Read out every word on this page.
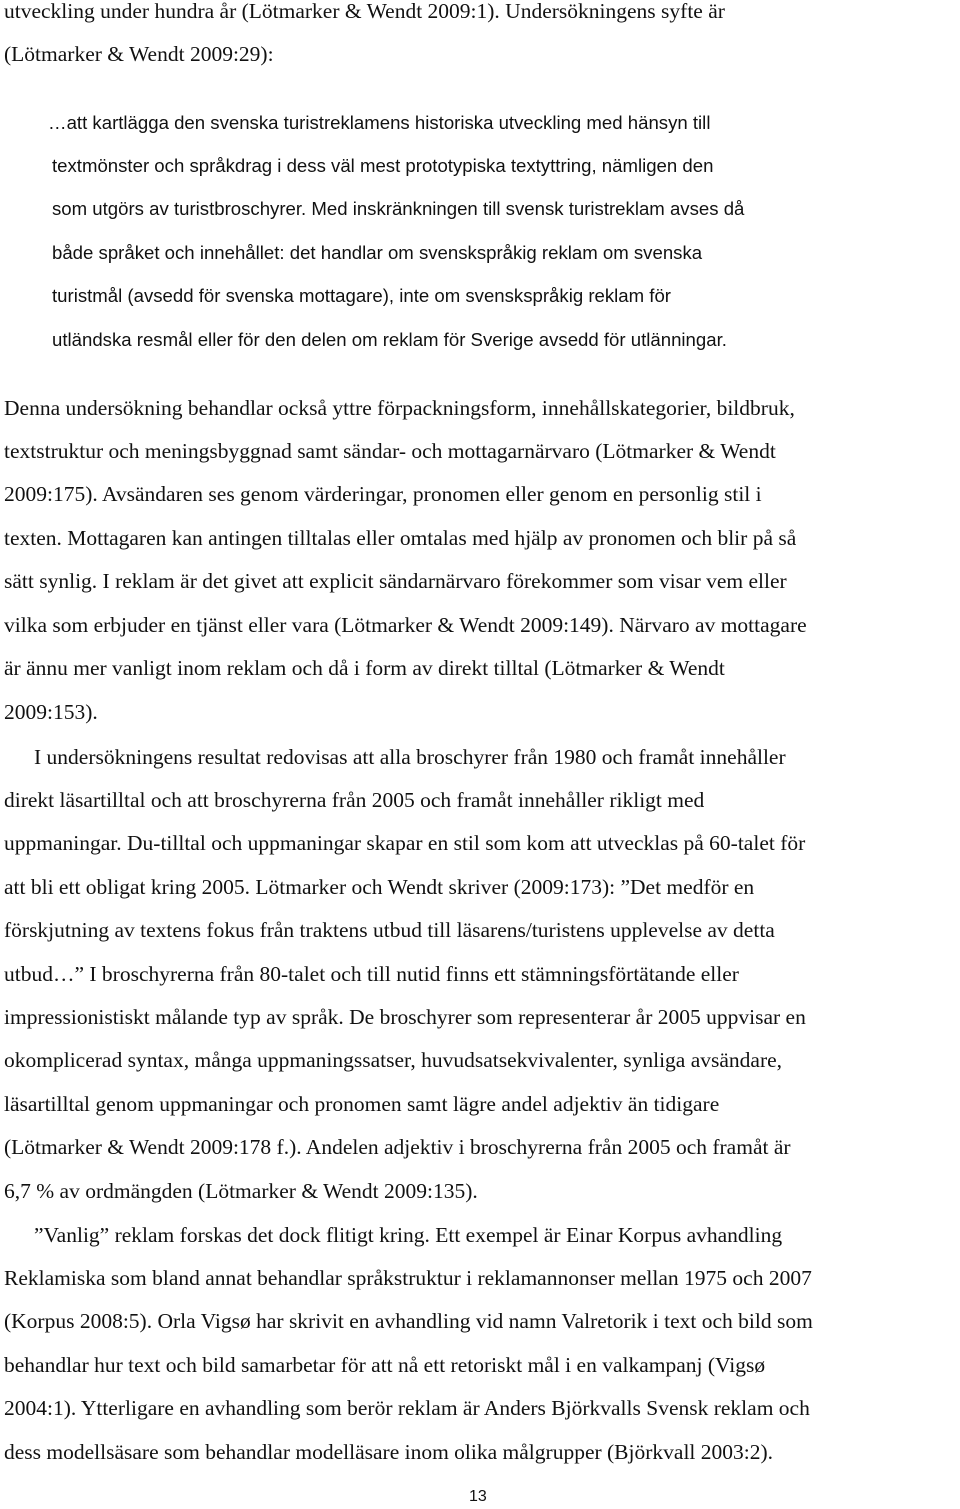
utveckling under hundra år (Lötmarker & Wendt 2009:1). Undersökningens syfte är

(Lötmarker & Wendt 2009:29):

…att kartlägga den svenska turistreklamens historiska utveckling med hänsyn till

textmönster och språkdrag i dess väl mest prototypiska textyttring, nämligen den

som utgörs av turistbroschyrer. Med inskränkningen till svensk turistreklam avses då

både språket och innehållet: det handlar om svenskspråkig reklam om svenska

turistmål (avsedd för svenska mottagare), inte om svenskspråkig reklam för

utländska resmål eller för den delen om reklam för Sverige avsedd för utlänningar.

Denna undersökning behandlar också yttre förpackningsform, innehållskategorier, bildbruk,

textstruktur och meningsbyggnad samt sändar- och mottagarnärvaro (Lötmarker & Wendt

2009:175). Avsändaren ses genom värderingar, pronomen eller genom en personlig stil i

texten. Mottagaren kan antingen tilltalas eller omtalas med hjälp av pronomen och blir på så

sätt synlig. I reklam är det givet att explicit sändarnärvaro förekommer som visar vem eller

vilka som erbjuder en tjänst eller vara (Lötmarker & Wendt 2009:149). Närvaro av mottagare

är ännu mer vanligt inom reklam och då i form av direkt tilltal (Lötmarker & Wendt

2009:153).

I undersökningens resultat redovisas att alla broschyrer från 1980 och framåt innehåller

direkt läsartilltal och att broschyrerna från 2005 och framåt innehåller rikligt med

uppmaningar. Du-tilltal och uppmaningar skapar en stil som kom att utvecklas på 60-talet för

att bli ett obligat kring 2005. Lötmarker och Wendt skriver (2009:173): ”Det medför en

förskjutning av textens fokus från traktens utbud till läsarens/turistens upplevelse av detta

utbud…” I broschyrerna från 80-talet och till nutid finns ett stämningsförtätande eller

impressionistiskt målande typ av språk. De broschyrer som representerar år 2005 uppvisar en

okomplicerad syntax, många uppmaningssatser, huvudsatsekvivalenter, synliga avsändare,

läsartilltal genom uppmaningar och pronomen samt lägre andel adjektiv än tidigare

(Lötmarker & Wendt 2009:178 f.). Andelen adjektiv i broschyrerna från 2005 och framåt är

6,7 % av ordmängden (Lötmarker & Wendt 2009:135).

”Vanlig” reklam forskas det dock flitigt kring. Ett exempel är Einar Korpus avhandling

Reklamiska som bland annat behandlar språkstruktur i reklamannonser mellan 1975 och 2007

(Korpus 2008:5). Orla Vigsø har skrivit en avhandling vid namn Valretorik i text och bild som

behandlar hur text och bild samarbetar för att nå ett retoriskt mål i en valkampanj (Vigsø

2004:1). Ytterligare en avhandling som berör reklam är Anders Björkvalls Svensk reklam och

dess modellsäsare som behandlar modelläsare inom olika målgrupper (Björkvall 2003:2).

13
